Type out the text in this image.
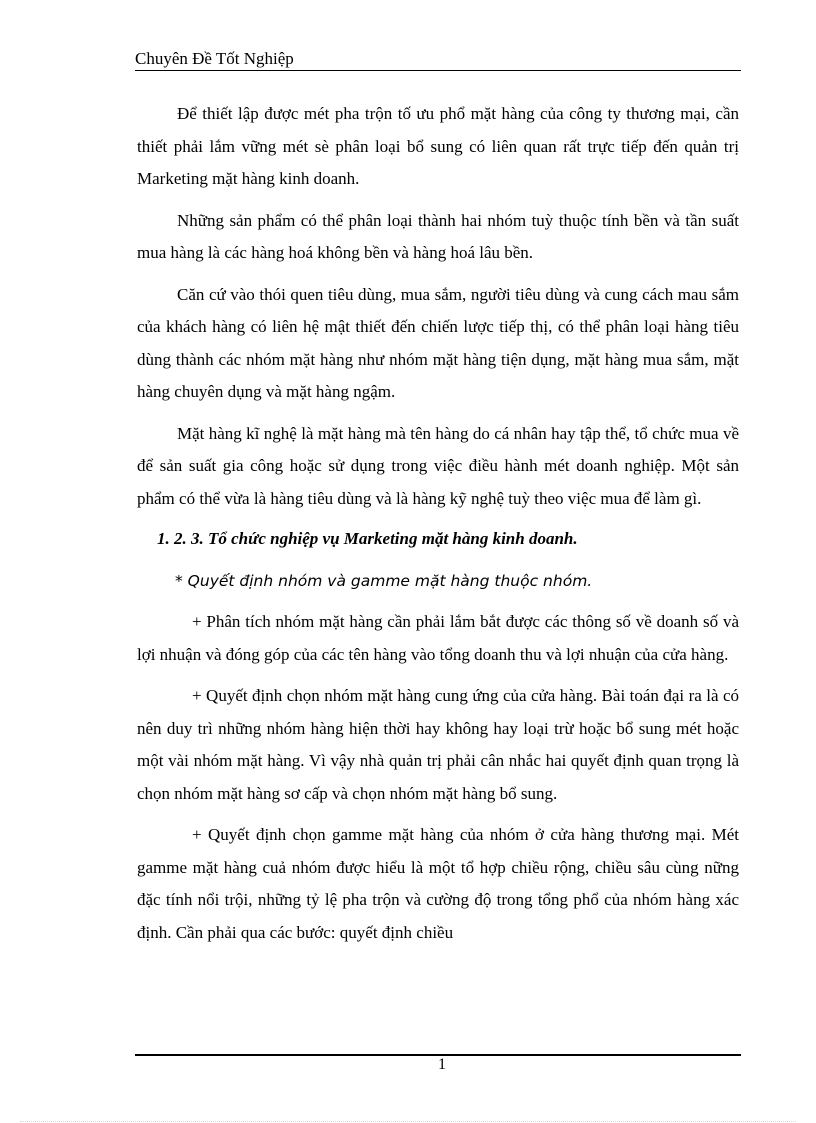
Chuyên Đề Tốt Nghiệp

Để thiết lập được mét pha trộn tố ưu phổ mặt hàng của công ty thương mại, cần thiết phải lắm vững mét sè phân loại bổ sung có liên quan rất trực tiếp đến quản trị Marketing mặt hàng kinh doanh.

Những sản phẩm có thể phân loại thành hai nhóm tuỳ thuộc tính bền và tần suất mua hàng là các hàng hoá không bền và hàng hoá lâu bền.

Căn cứ vào thói quen tiêu dùng, mua sắm, người tiêu dùng và cung cách mau sắm của khách hàng có liên hệ mật thiết đến chiến lược tiếp thị, có thể phân loại hàng tiêu dùng thành các nhóm mặt hàng như nhóm mặt hàng tiện dụng, mặt hàng mua sắm, mặt hàng chuyên dụng và mặt hàng ngậm.

Mặt hàng kĩ nghệ là mặt hàng mà tên hàng do cá nhân hay tập thể, tổ chức mua về để sản suất gia công hoặc sử dụng trong việc điều hành mét doanh nghiệp. Một sản phẩm có thể vừa là hàng tiêu dùng và là hàng kỹ nghệ tuỳ theo việc mua để làm gì.

1. 2. 3. Tổ chức nghiệp vụ Marketing mặt hàng kinh doanh.

* Quyết định nhóm và gamme mặt hàng thuộc nhóm.

+ Phân tích nhóm mặt hàng cần phải lắm bắt được các thông số về doanh số và lợi nhuận và đóng góp của các tên hàng vào tổng doanh thu và lợi nhuận của cửa hàng.

+ Quyết định chọn nhóm mặt hàng cung ứng của cửa hàng. Bài toán đại ra là có nên duy trì những nhóm hàng hiện thời hay không hay loại trừ hoặc bổ sung mét hoặc một vài nhóm mặt hàng. Vì vậy nhà quản trị phải cân nhắc hai quyết định quan trọng là chọn nhóm mặt hàng sơ cấp và chọn nhóm mặt hàng bổ sung.

+ Quyết định chọn gamme mặt hàng của nhóm ở cửa hàng thương mại. Mét gamme mặt hàng cuả nhóm được hiểu là một tổ hợp chiều rộng, chiều sâu cùng nững đặc tính nổi trội, những tỷ lệ pha trộn và cường độ trong tổng phổ của nhóm hàng xác định. Cần phải qua các bước: quyết định chiều

1
